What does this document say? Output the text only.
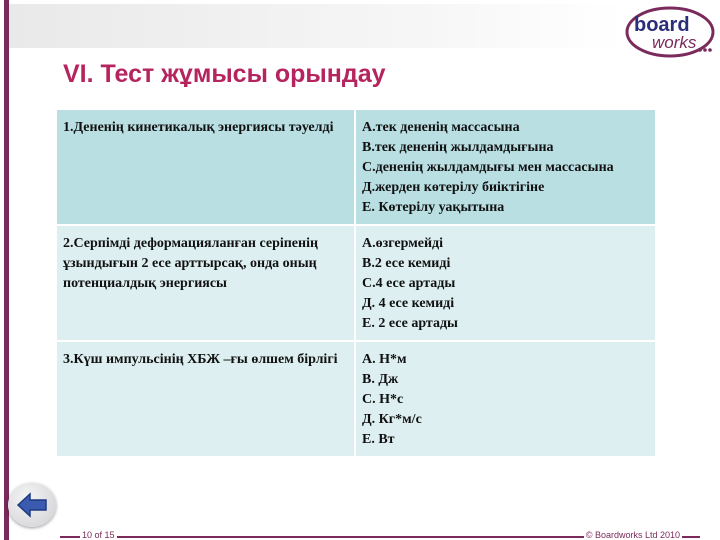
board
works
VI. Тест жұмысы орындау
1.Дененің кинетикалық энергиясы тәуелді	А.тек дененің массасына
В.тек дененің жылдамдығына
С.дененің жылдамдығы мен массасына
Д.жерден көтерілу биіктігіне
Е. Көтерілу уақытына

2.Серпімді деформацияланған серіпенің ұзындығын 2 есе арттырсақ, онда оның потенциалдық энергиясы	А.өзгермейді
В.2 есе кемиді
С.4 есе артады
Д. 4 есе кемиді
Е. 2 есе артады

3.Күш импульсінің ХБЖ –ғы өлшем бірлігі	А. Н*м
В. Дж
С. Н*с
Д. Кг*м/с
Е. Вт
10 of 15	© Boardworks Ltd 2010
